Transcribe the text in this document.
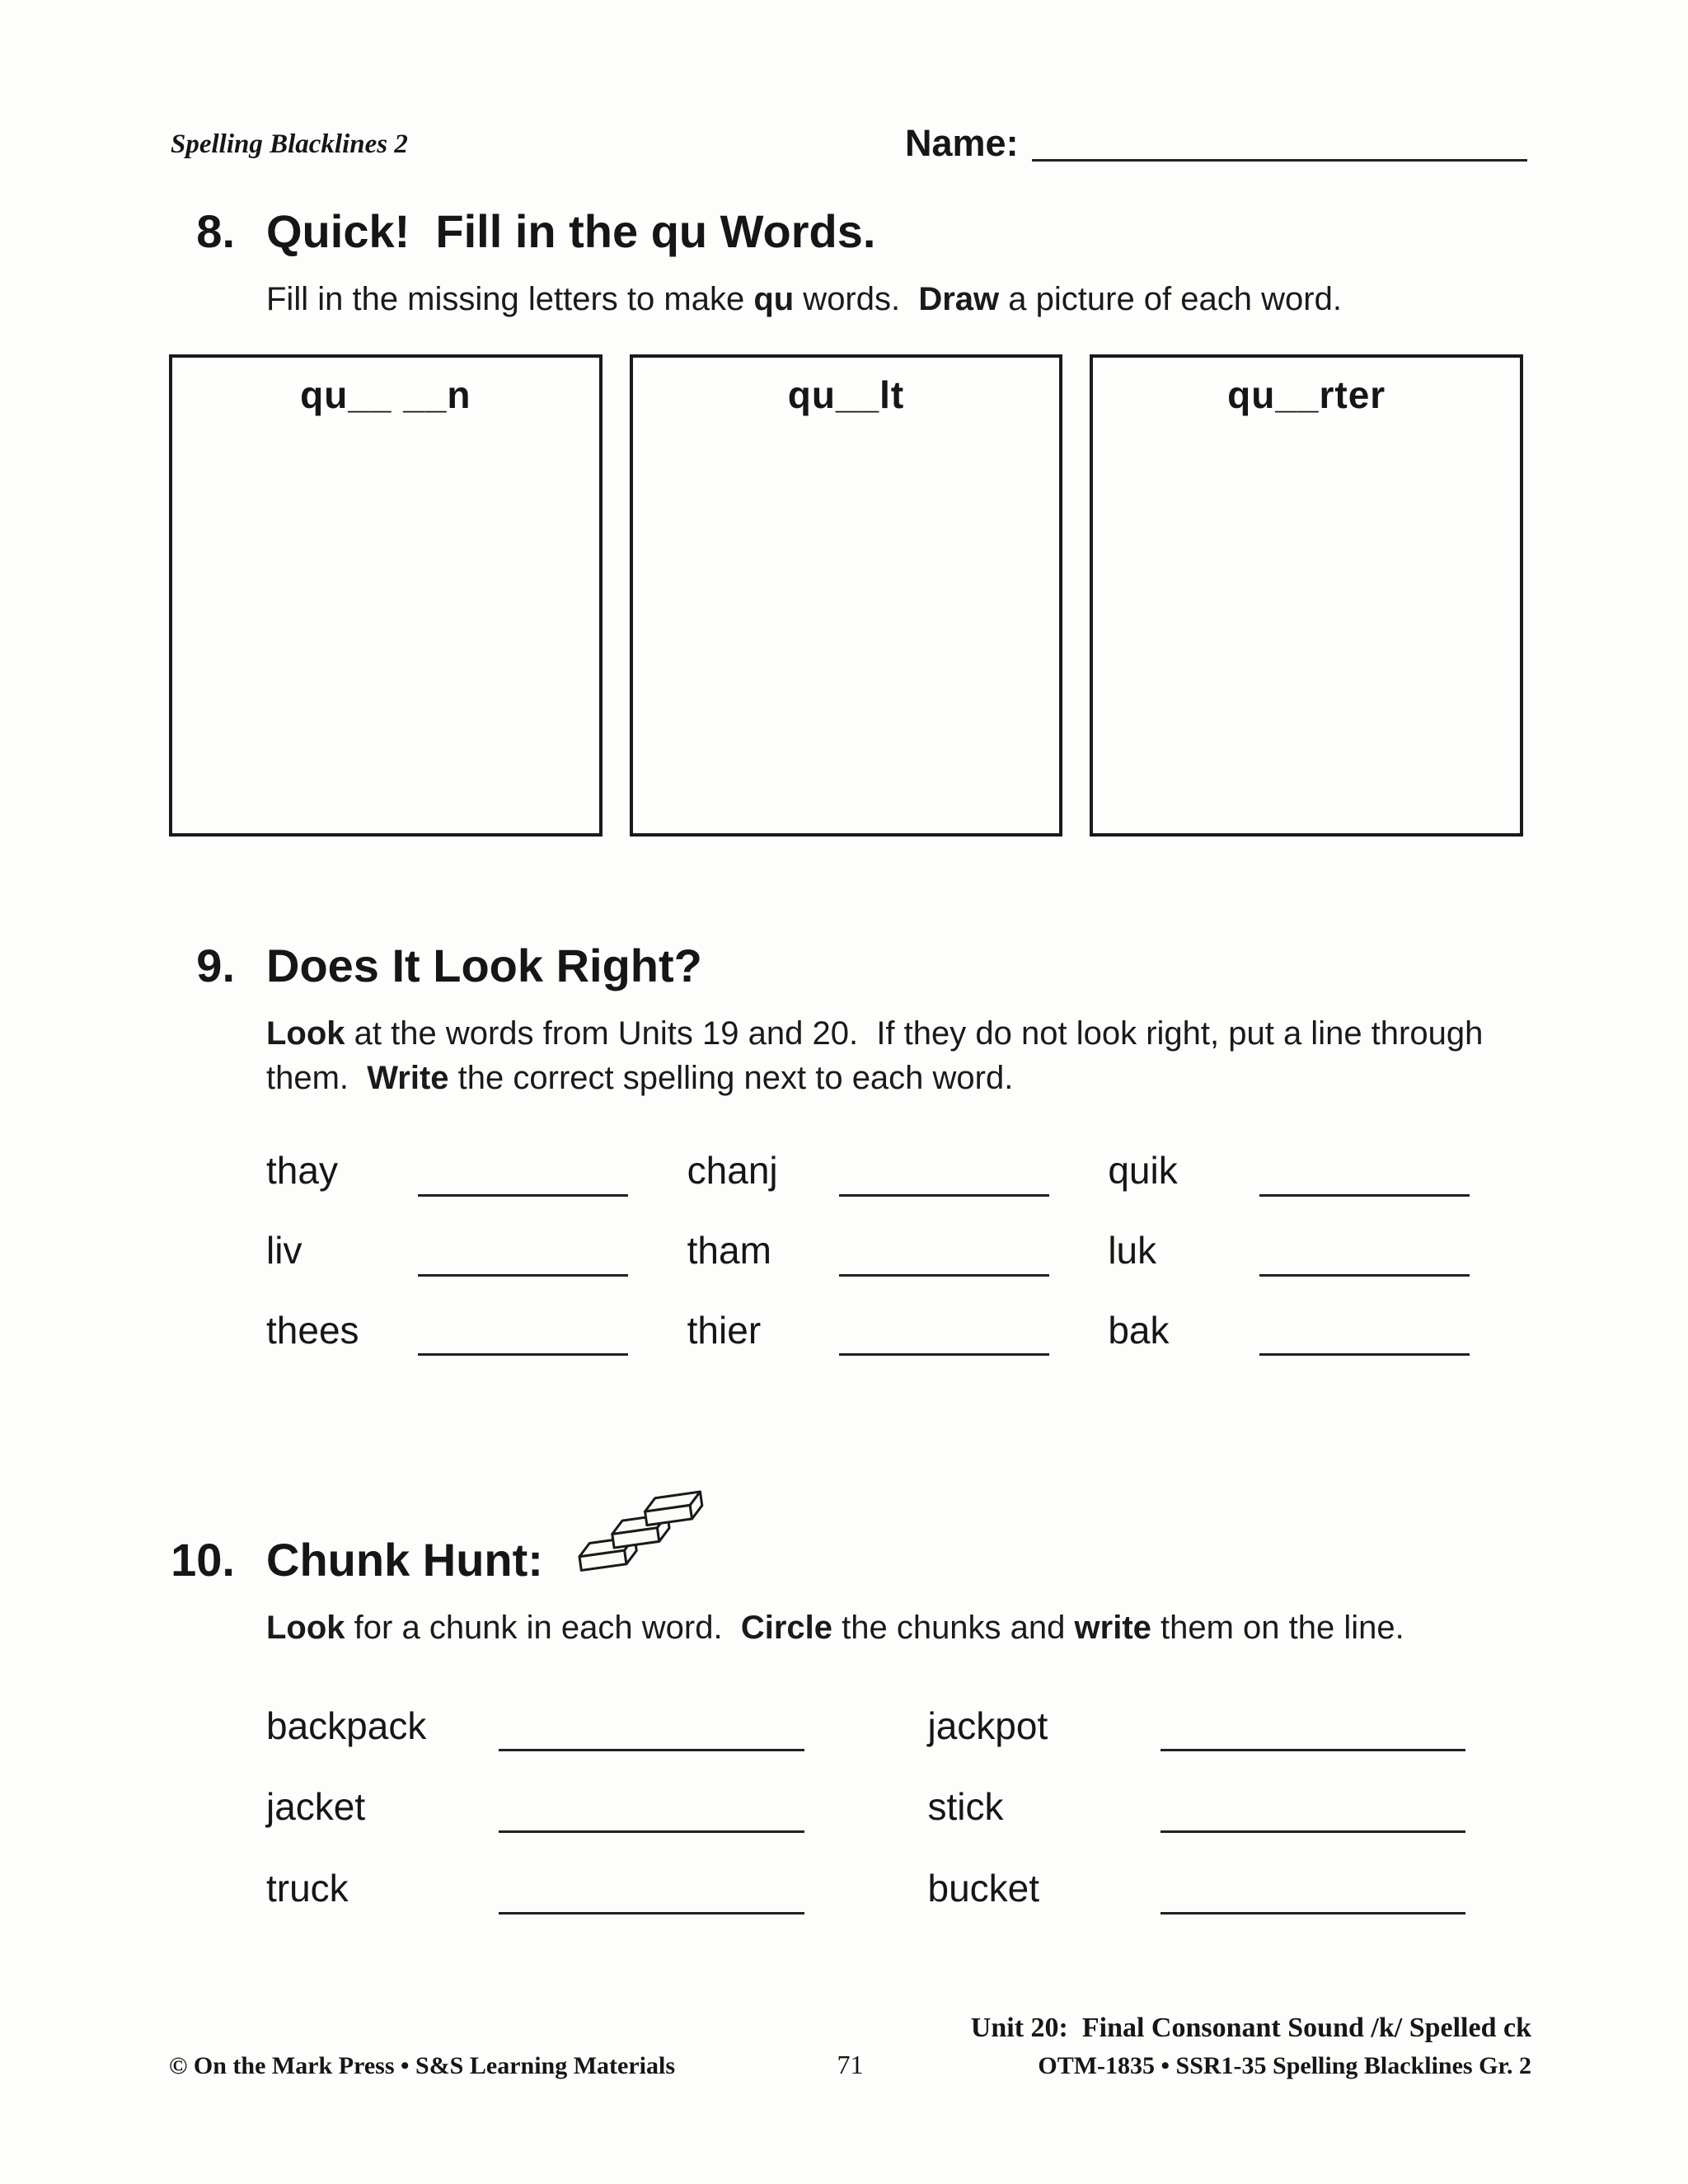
Spelling Blacklines 2	Name:
8. Quick!  Fill in the qu Words.

Fill in the missing letters to make qu words.  Draw a picture of each word.

qu__ __n	qu__lt	qu__rter
9. Does It Look Right?

Look at the words from Units 19 and 20.  If they do not look right, put a line through them.  Write the correct spelling next to each word.

thay	chanj	quik
liv	tham	luk
thees	thier	bak
10. Chunk Hunt:

Look for a chunk in each word.  Circle the chunks and write them on the line.

backpack	jackpot
jacket	stick
truck	bucket
© On the Mark Press • S&S Learning Materials	71
Unit 20:  Final Consonant Sound /k/ Spelled ck
OTM-1835 • SSR1-35 Spelling Blacklines Gr. 2
